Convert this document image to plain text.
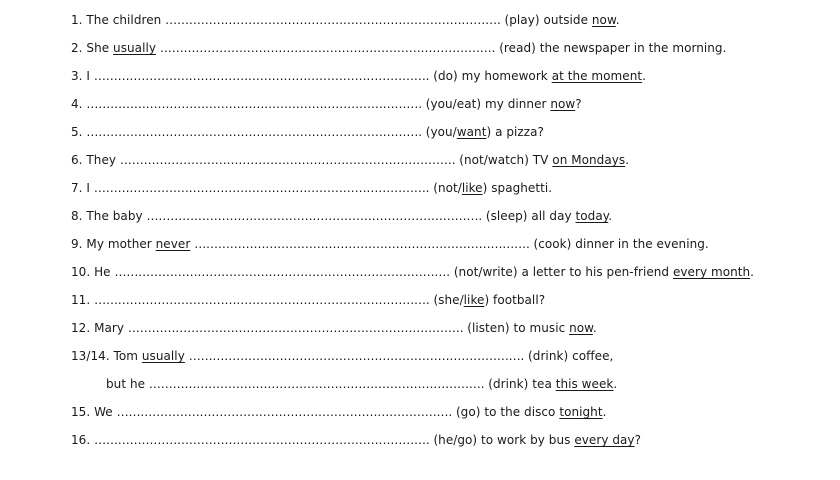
1. The children …………………………………………………………………………. (play) outside now.
2. She usually …………………………………………………………………………. (read) the newspaper in the morning.
3. I …………………………………………………………………………. (do) my homework at the moment.
4. …………………………………………………………………………. (you/eat) my dinner now?
5. …………………………………………………………………………. (you/want) a pizza?
6. They …………………………………………………………………………. (not/watch) TV on Mondays.
7. I …………………………………………………………………………. (not/like) spaghetti.
8. The baby …………………………………………………………………………. (sleep) all day today.
9. My mother never …………………………………………………………………………. (cook) dinner in the evening.
10. He …………………………………………………………………………. (not/write) a letter to his pen-friend every month.
11. …………………………………………………………………………. (she/like) football?
12. Mary …………………………………………………………………………. (listen) to music now.
13/14. Tom usually …………………………………………………………………………. (drink) coffee,
but he …………………………………………………………………………. (drink) tea this week.
15. We …………………………………………………………………………. (go) to the disco tonight.
16. …………………………………………………………………………. (he/go) to work by bus every day?
